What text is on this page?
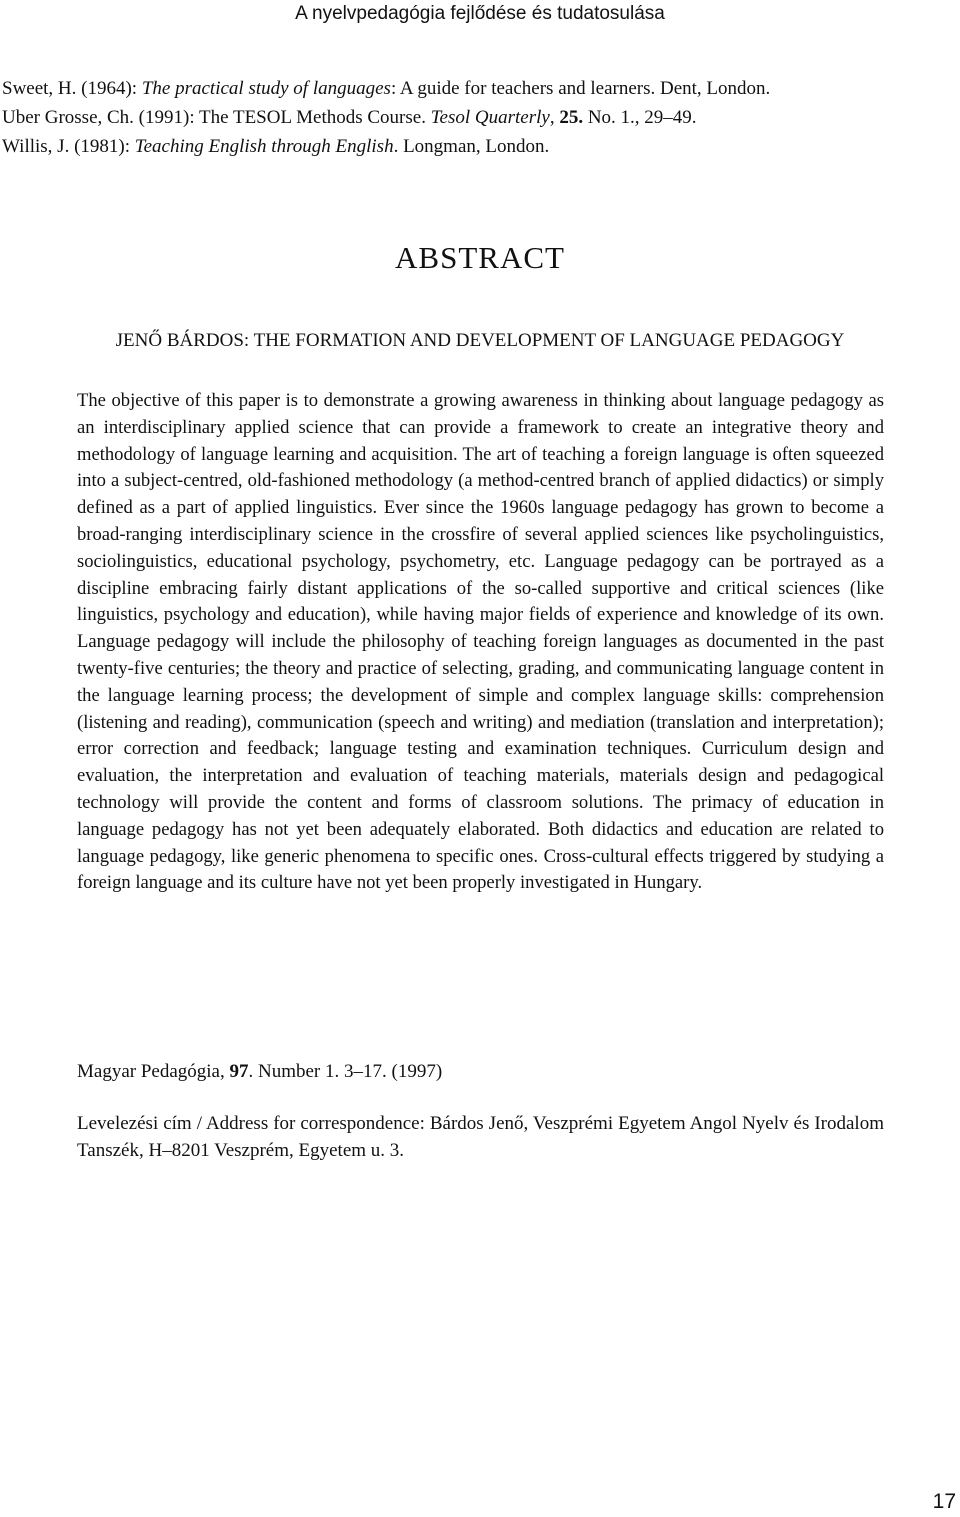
A nyelvpedagógia fejlődése és tudatosulása
Sweet, H. (1964): The practical study of languages: A guide for teachers and learners. Dent, London.
Uber Grosse, Ch. (1991): The TESOL Methods Course. Tesol Quarterly, 25. No. 1., 29–49.
Willis, J. (1981): Teaching English through English. Longman, London.
ABSTRACT
JENŐ BÁRDOS: THE FORMATION AND DEVELOPMENT OF LANGUAGE PEDAGOGY

The objective of this paper is to demonstrate a growing awareness in thinking about language pedagogy as an interdisciplinary applied science that can provide a framework to create an integrative theory and methodology of language learning and acquisition. The art of teaching a foreign language is often squeezed into a subject-centred, old-fashioned methodology (a method-centred branch of applied didactics) or simply defined as a part of applied linguistics. Ever since the 1960s language pedagogy has grown to become a broad-ranging interdisciplinary science in the crossfire of several applied sciences like psycholinguistics, sociolinguistics, educational psychology, psychometry, etc. Language pedagogy can be portrayed as a discipline embracing fairly distant applications of the so-called supportive and critical sciences (like linguistics, psychology and education), while having major fields of experience and knowledge of its own. Language pedagogy will include the philosophy of teaching foreign languages as documented in the past twenty-five centuries; the theory and practice of selecting, grading, and communicating language content in the language learning process; the development of simple and complex language skills: comprehension (listening and reading), communication (speech and writing) and mediation (translation and interpretation); error correction and feedback; language testing and examination techniques. Curriculum design and evaluation, the interpretation and evaluation of teaching materials, materials design and pedagogical technology will provide the content and forms of classroom solutions. The primacy of education in language pedagogy has not yet been adequately elaborated. Both didactics and education are related to language pedagogy, like generic phenomena to specific ones. Cross-cultural effects triggered by studying a foreign language and its culture have not yet been properly investigated in Hungary.

Magyar Pedagógia, 97. Number 1. 3–17. (1997)

Levelezési cím / Address for correspondence: Bárdos Jenő, Veszprémi Egyetem Angol Nyelv és Irodalom Tanszék, H–8201 Veszprém, Egyetem u. 3.

17
